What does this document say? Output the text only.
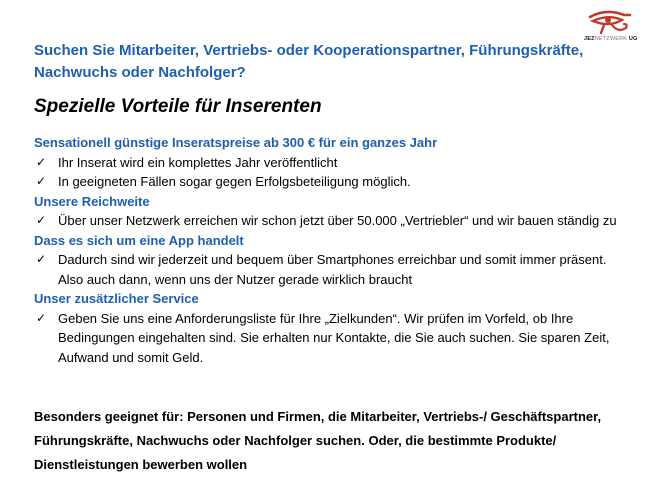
JEZNETZWERK UG
Suchen Sie Mitarbeiter, Vertriebs- oder Kooperationspartner, Führungskräfte, Nachwuchs oder Nachfolger?
Spezielle Vorteile für Inserenten
Sensationell günstige Inseratspreise ab 300 € für ein ganzes Jahr
✓ Ihr Inserat wird ein komplettes Jahr veröffentlicht
✓ In geeigneten Fällen sogar gegen Erfolgsbeteiligung möglich.
Unsere Reichweite
✓ Über unser Netzwerk erreichen wir schon jetzt über 50.000 „Vertriebler“ und wir bauen ständig zu
Dass es sich um eine App handelt
✓ Dadurch sind wir jederzeit und bequem über Smartphones erreichbar und somit immer präsent. Also auch dann, wenn uns der Nutzer gerade wirklich braucht
Unser zusätzlicher Service
✓ Geben Sie uns eine Anforderungsliste für Ihre „Zielkunden“. Wir prüfen im Vorfeld, ob Ihre Bedingungen eingehalten sind. Sie erhalten nur Kontakte, die Sie auch suchen. Sie sparen Zeit, Aufwand und somit Geld.
Besonders geeignet für: Personen und Firmen, die Mitarbeiter, Vertriebs-/ Geschäftspartner, Führungskräfte, Nachwuchs oder Nachfolger suchen. Oder, die bestimmte Produkte/ Dienstleistungen bewerben wollen
